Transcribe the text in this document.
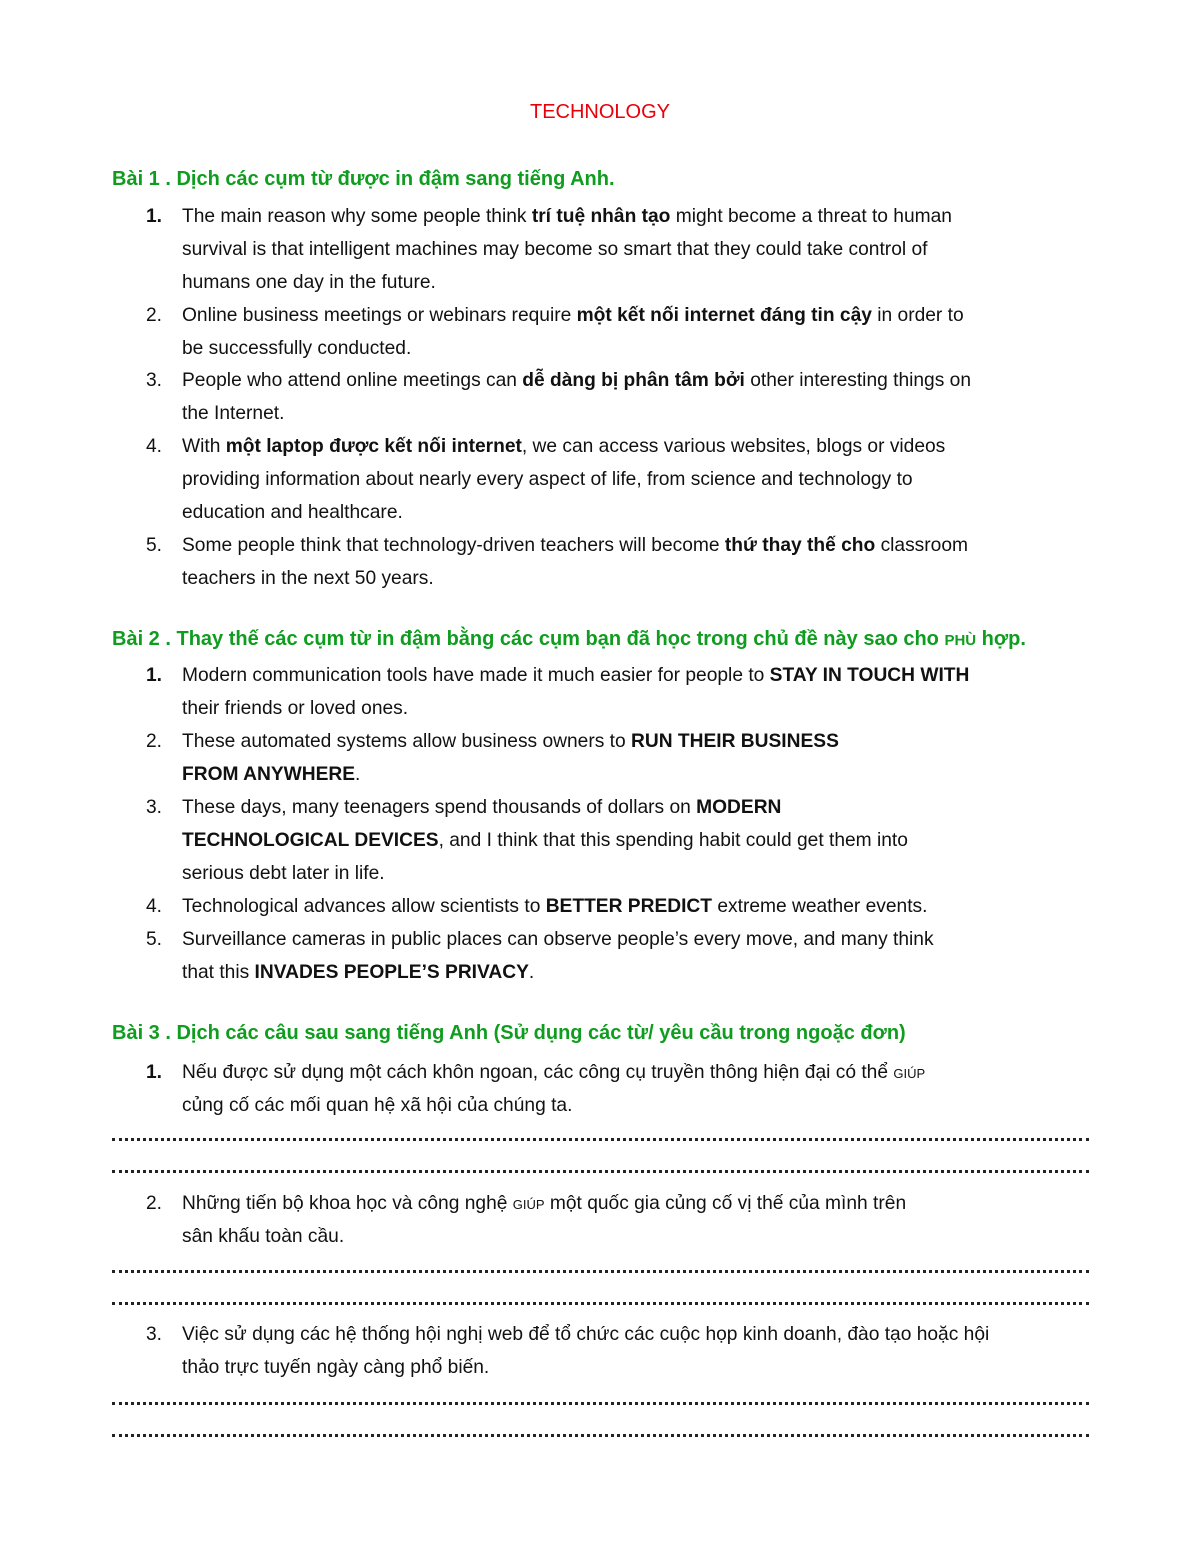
TECHNOLOGY
Bài 1 . Dịch các cụm từ được in đậm sang tiếng Anh.
1. The main reason why some people think trí tuệ nhân tạo might become a threat to human
survival is that intelligent machines may become so smart that they could take control of
humans one day in the future.
2. Online business meetings or webinars require một kết nối internet đáng tin cậy in order to
be successfully conducted.
3. People who attend online meetings can dễ dàng bị phân tâm bởi other interesting things on
the Internet.
4. With một laptop được kết nối internet, we can access various websites, blogs or videos
providing information about nearly every aspect of life, from science and technology to
education and healthcare.
5. Some people think that technology-driven teachers will become thứ thay thế cho classroom
teachers in the next 50 years.
Bài 2 . Thay thế các cụm từ in đậm bằng các cụm bạn đã học trong chủ đề này sao cho PHÙ hợp.
1. Modern communication tools have made it much easier for people to STAY IN TOUCH WITH
their friends or loved ones.
2. These automated systems allow business owners to RUN THEIR BUSINESS
FROM ANYWHERE.
3. These days, many teenagers spend thousands of dollars on MODERN
TECHNOLOGICAL DEVICES, and I think that this spending habit could get them into
serious debt later in life.
4. Technological advances allow scientists to BETTER PREDICT extreme weather events.
5. Surveillance cameras in public places can observe people’s every move, and many think
that this INVADES PEOPLE’S PRIVACY.
Bài 3 . Dịch các câu sau sang tiếng Anh (Sử dụng các từ/ yêu cầu trong ngoặc đơn)
1. Nếu được sử dụng một cách khôn ngoan, các công cụ truyền thông hiện đại có thể GIÚP
củng cố các mối quan hệ xã hội của chúng ta.
2. Những tiến bộ khoa học và công nghệ GIÚP một quốc gia củng cố vị thế của mình trên
sân khấu toàn cầu.
3. Việc sử dụng các hệ thống hội nghị web để tổ chức các cuộc họp kinh doanh, đào tạo hoặc hội
thảo trực tuyến ngày càng phổ biến.
